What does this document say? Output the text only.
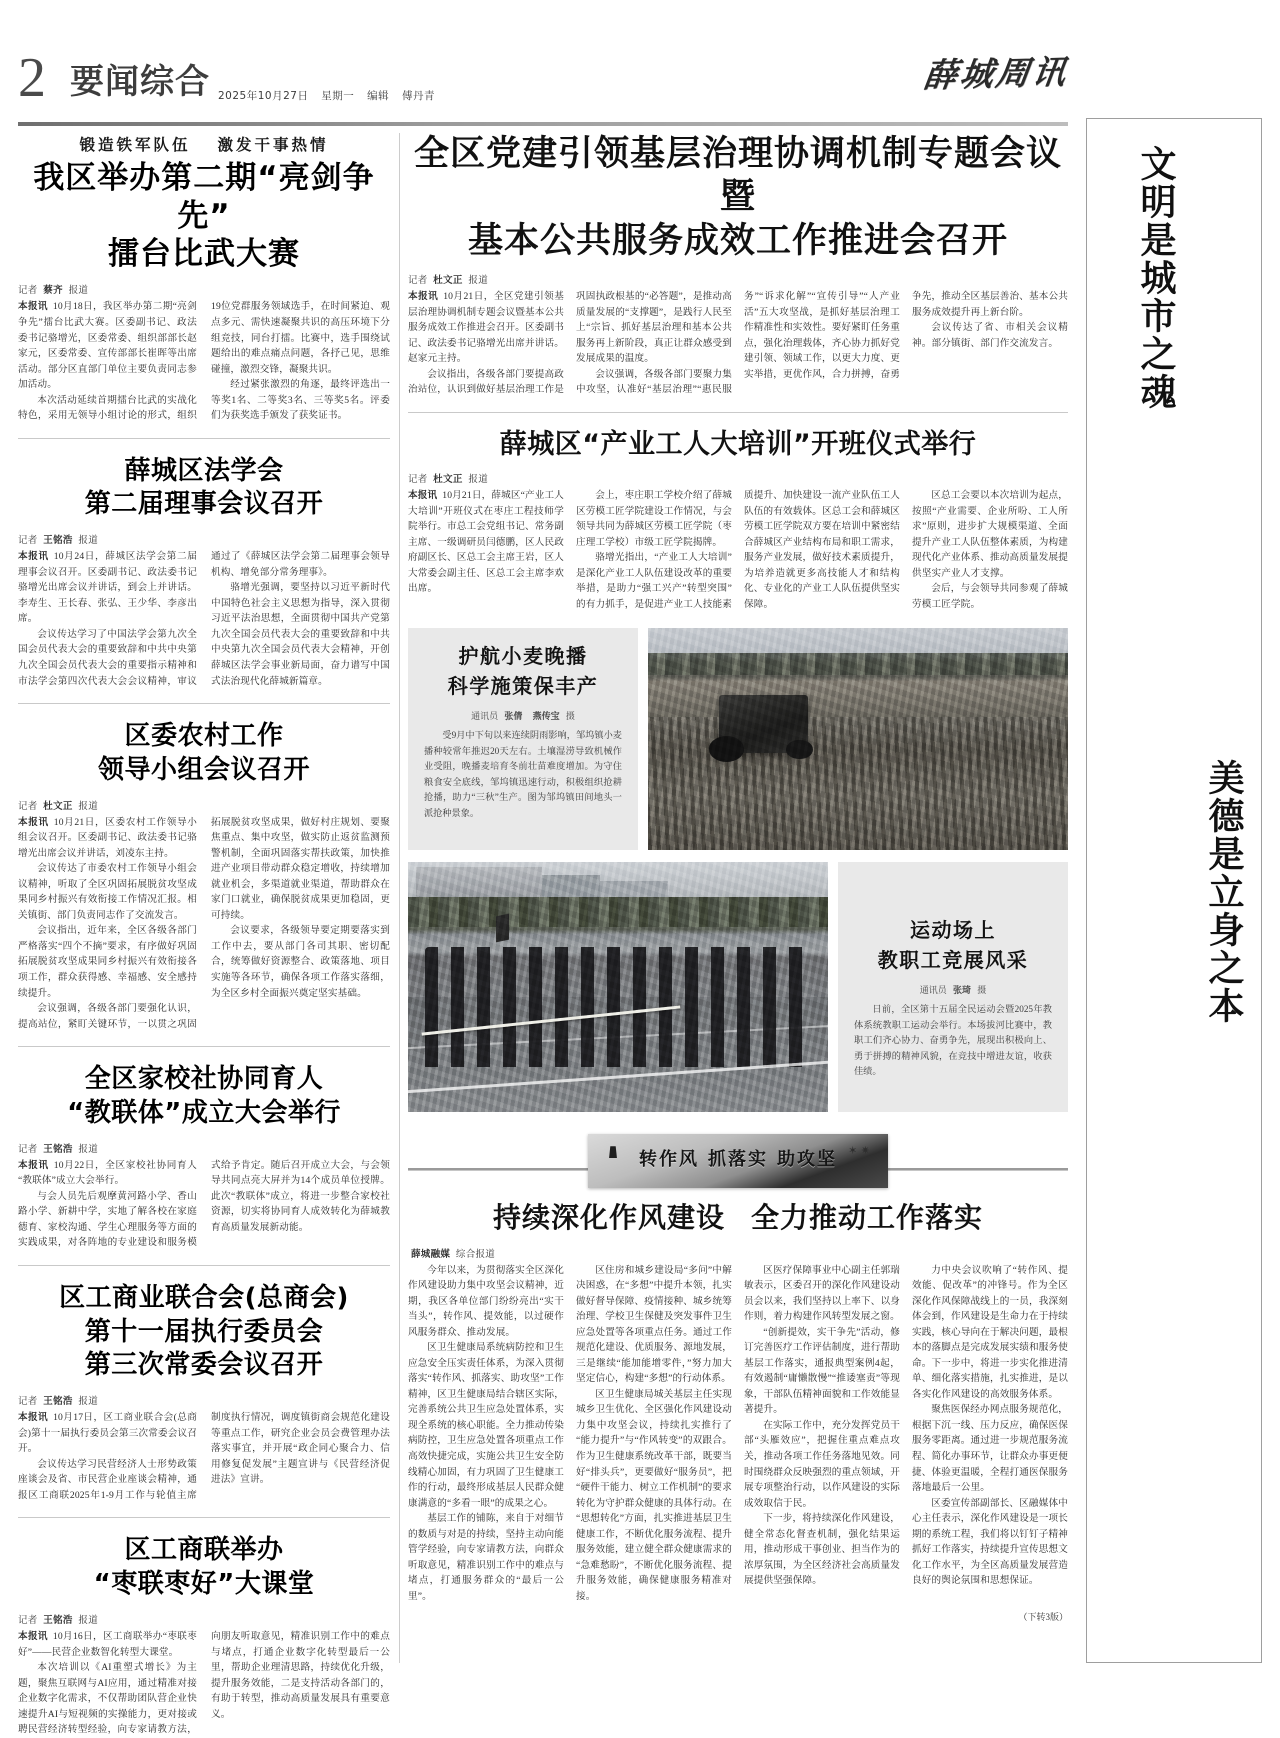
2 要闻综合 2025年10月27日 星期一 编辑 傅丹青
薛城周讯
锻造铁军队伍 激发干事热情
我区举办第二期“亮剑争先”
擂台比武大赛
记者 蔡齐 报道

本报讯 10月18日，我区举办第二期“亮剑争先”擂台比武大赛。区委副书记、政法委书记骆增光，区委常委、组织部部长赵家元，区委常委、宣传部部长崔晖等出席活动。部分区直部门单位主要负责同志参加活动。

本次活动延续首期擂台比武的实战化特色，采用无领导小组讨论的形式，组织19位党群服务领域选手，在时间紧迫、观点多元、需快速凝聚共识的高压环境下分组竞技，同台打擂。比赛中，选手围绕试题给出的难点痛点问题，各抒己见，思维碰撞，激烈交锋，凝聚共识。

经过紧张激烈的角逐，最终评选出一等奖1名、二等奖3名、三等奖5名。评委们为获奖选手颁发了获奖证书。

薛城区法学会
第二届理事会议召开
记者 王铭浩 报道

本报讯 10月24日，薛城区法学会第二届理事会议召开。区委副书记、政法委书记骆增光出席会议并讲话，到会上并讲话。李寿生、王长春、张弘、王少华、李彦出席。

会议传达学习了中国法学会第九次全国会员代表大会的重要致辞和中共中央第九次全国会员代表大会的重要指示精神和市法学会第四次代表大会会议精神，审议通过了《薛城区法学会第二届理事会领导机构、增免部分常务理事》。

骆增光强调，要坚持以习近平新时代中国特色社会主义思想为指导，深入贯彻习近平法治思想，全面贯彻中国共产党第九次全国会员代表大会的重要致辞和中共中央第九次全国会员代表大会精神，开创薛城区法学会事业新局面，奋力谱写中国式法治现代化薛城新篇章。

区委农村工作
领导小组会议召开
记者 杜文正 报道

本报讯 10月21日，区委农村工作领导小组会议召开。区委副书记、政法委书记骆增光出席会议并讲话，刘凌东主持。

会议传达了市委农村工作领导小组会议精神，听取了全区巩固拓展脱贫攻坚成果同乡村振兴有效衔接工作情况汇报。相关镇街、部门负责同志作了交流发言。

会议指出，近年来，全区各级各部门严格落实“四个不摘”要求，有序做好巩固拓展脱贫攻坚成果同乡村振兴有效衔接各项工作，群众获得感、幸福感、安全感持续提升。

会议强调，各级各部门要强化认识，提高站位，紧盯关键环节，一以贯之巩固拓展脱贫攻坚成果，做好村庄规划、要聚焦重点、集中攻坚，做实防止返贫监测预警机制，全面巩固落实帮扶政策，加快推进产业项目带动群众稳定增收，持续增加就业机会，多渠道就业渠道，帮助群众在家门口就业，确保脱贫成果更加稳固，更可持续。

会议要求，各级领导要定期要落实到工作中去，要从部门各司其职、密切配合，统筹做好资源整合、政策落地、项目实施等各环节，确保各项工作落实落细，为全区乡村全面振兴奠定坚实基础。

全区家校社协同育人
“教联体”成立大会举行
记者 王铭浩 报道

本报讯 10月22日，全区家校社协同育人“教联体”成立大会举行。

与会人员先后观摩黄河路小学、香山路小学、新耕中学，实地了解各校在家庭德育、家校沟通、学生心理服务等方面的实践成果，对各阵地的专业建设和服务模式给予肯定。随后召开成立大会，与会领导共同点亮大屏并为14个成员单位授牌。此次“教联体”成立，将进一步整合家校社资源，切实将协同育人成效转化为薛城教育高质量发展新动能。

区工商业联合会(总商会)
第十一届执行委员会
第三次常委会议召开
记者 王铭浩 报道

本报讯 10月17日，区工商业联合会(总商会)第十一届执行委员会第三次常委会议召开。

会议传达学习民营经济人士形势政策座谈会及省、市民营企业座谈会精神，通报区工商联2025年1-9月工作与轮值主席制度执行情况，调度镇街商会规范化建设等重点工作，研究企业会员会费管理办法落实事宜，并开展“政企同心聚合力、信用修复促发展”主题宣讲与《民营经济促进法》宣讲。

区工商联举办
“枣联枣好”大课堂
记者 王铭浩 报道

本报讯 10月16日，区工商联举办“枣联枣好”——民营企业数智化转型大课堂。

本次培训以《AI重塑式增长》为主题，聚焦互联网与AI应用，通过精准对接企业数字化需求，不仅帮助团队营企业快速提升AI与短视频的实操能力，更对接或聘民营经济转型经验，向专家请教方法，向朋友听取意见，精准识别工作中的难点与堵点，打通企业数字化转型最后一公里，帮助企业理清思路，持续优化升级，提升服务效能，二是支持活动各部门的，有助于转型，推动高质量发展具有重要意义。

全区党建引领基层治理协调机制专题会议暨
基本公共服务成效工作推进会召开
记者 杜文正 报道

本报讯 10月21日，全区党建引领基层治理协调机制专题会议暨基本公共服务成效工作推进会召开。区委副书记、政法委书记骆增光出席并讲话。赵家元主持。

会议指出，各级各部门要提高政治站位，认识到做好基层治理工作是巩固执政根基的“必答题”，是推动高质量发展的“支撑题”，是践行人民至上“宗旨、抓好基层治理和基本公共服务再上新阶段，真正让群众感受到发展成果的温度。

会议强调，各级各部门要聚力集中攻坚，认准好“基层治理”“惠民服务”“诉求化解”“宣传引导”“人产业活”五大攻坚战，是抓好基层治理工作精准性和实效性。要好紧盯任务重点，强化治理载体，齐心协力抓好党建引领、领域工作，以更大力度、更实举措，更优作风，合力拼搏，奋勇争先，推动全区基层善治、基本公共服务成效提升再上新台阶。

会议传达了省、市相关会议精神。部分镇街、部门作交流发言。

薛城区“产业工人大培训”开班仪式举行
记者 杜文正 报道

本报讯 10月21日，薛城区“产业工人大培训”开班仪式在枣庄工程技师学院举行。市总工会党组书记、常务副主席、一级调研员闫德鹏，区人民政府副区长、区总工会主席王岩，区人大常委会副主任、区总工会主席李欢出席。

会上，枣庄职工学校介绍了薛城区劳模工匠学院建设工作情况，与会领导共同为薛城区劳模工匠学院（枣庄理工学校）市级工匠学院揭牌。

骆增光指出，“产业工人大培训”是深化产业工人队伍建设改革的重要举措，是助力“强工兴产”转型突围”的有力抓手，是促进产业工人技能素质提升、加快建设一流产业队伍工人队伍的有效载体。区总工会和薛城区劳模工匠学院双方要在培训中紧密结合薛城区产业结构布局和职工需求，服务产业发展，做好技术素质提升，为培养造就更多高技能人才和结构化、专业化的产业工人队伍提供坚实保障。

区总工会要以本次培训为起点，按照“产业需要、企业所吩、工人所求”原则，进步扩大规模渠道、全面提升产业工人队伍整体素质，为构建现代化产业体系、推动高质量发展提供坚实产业人才支撑。

会后，与会领导共同参观了薛城劳模工匠学院。

护航小麦晚播
科学施策保丰产
通讯员 张倩 燕传宝 摄

受9月中下旬以来连续阴雨影响，邹坞镇小麦播种较常年推迟20天左右。土壤湿涝导致机械作业受阻，晚播麦培育冬前壮苗难度增加。为守住粮食安全底线，邹坞镇迅速行动，积极组织抢耕抢播，助力“三秋”生产。图为邹坞镇田间地头一派抢种景象。

运动场上
教职工竞展风采
通讯员 张琦 摄

日前，全区第十五届全民运动会暨2025年教体系统教职工运动会举行。本场拔河比赛中，教职工们齐心协力、奋勇争先，展现出积极向上、勇于拼搏的精神风貌，在竞技中增进友谊，收获佳绩。

转作风 抓落实 助攻坚 ✶ ✷
持续深化作风建设 全力推动工作落实
薛城融媒 综合报道

今年以来，为贯彻落实全区深化作风建设助力集中攻坚会议精神，近期，我区各单位部门纷纷亮出“实干当头”，转作风、提效能，以过硬作风服务群众、推动发展。

区卫生健康局系统病防控和卫生应急安全压实责任体系，为深入贯彻落实“转作风、抓落实、助攻坚”工作精神，区卫生健康局结合辖区实际，完善系统公共卫生应急处置体系，实现全系统的核心职能。全力推动传染病防控，卫生应急处置各项重点工作高效快捷完成，实施公共卫生安全防线精心加固，有力巩固了卫生健康工作的行动，最终形成基层人民群众健康满意的“多看一眼”的成果之心。

基层工作的铺陈，来自于对细节的数质与对是的持续，坚持主动向能管学经验，向专家请教方法，向群众听取意见，精准识别工作中的难点与堵点，打通服务群众的“最后一公里”。

区住房和城乡建设局“多问”中解决困惑，在“多想”中提升本领，扎实做好督导保障、疫情接种、城乡统筹治理、学校卫生保健及突发事件卫生应急处置等各项重点任务。通过工作规范化建设、优质服务、源地发展，三是继续“能加能增零件，”努力加大坚定信心，构建“多想”的行动体系。

区卫生健康局城关基层主任实现城乡卫生优化、全区强化作风建设动力集中攻坚会议，持续扎实推行了“能力提升”与“作风转变”的双跟合。作为卫生健康系统改革干部，既要当好“排头兵”，更要做好“服务员”，把“硬件干能力、树立工作机制”的要求转化为守护群众健康的具体行动。在“思想转化”方面，扎实推进基层卫生健康工作，不断优化服务流程、提升服务效能，建立健全群众健康需求的“急难愁盼”，不断优化服务流程、提升服务效能，确保健康服务精准对接。

区医疗保障事业中心副主任郭瑞敏表示，区委召开的深化作风建设动员会以来，我们坚持以上率下、以身作则，着力构建作风转型发展之窗。

“创新提效，实干争先”活动，修订完善医疗工作评估制度，进行帮助基层工作落实，通报典型案例4起，有效遏制“庸懒散慢”“推诿塞责”等现象，干部队伍精神面貌和工作效能显著提升。

在实际工作中，充分发挥党员干部“头雁效应”，把握住重点难点攻关，推动各项工作任务落地见效。同时围绕群众反映强烈的重点领域，开展专项整治行动，以作风建设的实际成效取信于民。

下一步，将持续深化作风建设，健全常态化督查机制，强化结果运用，推动形成干事创业、担当作为的浓厚氛围，为全区经济社会高质量发展提供坚强保障。

力中央会议吹响了“转作风、提效能、促改革”的冲锋号。作为全区深化作风保障战线上的一员，我深刻体会到，作风建设是生命力在于持续实践，核心导向在于解决问题，最根本的落脚点是完成发展实绩和服务使命。下一步中，将进一步实化推进清单、细化落实措施，扎实推进，是以各实化作风建设的高效服务体系。

聚焦医保经办网点服务规范化，根据下沉一线、压力反应，确保医保服务零距离。通过进一步规范服务流程、简化办事环节，让群众办事更便捷、体验更温暖，全程打通医保服务落地最后一公里。

区委宣传部副部长、区融媒体中心主任表示，深化作风建设是一项长期的系统工程，我们将以钉钉子精神抓好工作落实，持续提升宣传思想文化工作水平，为全区高质量发展营造良好的舆论氛围和思想保证。

（下转3版）
文明是城市之魂
美德是立身之本
